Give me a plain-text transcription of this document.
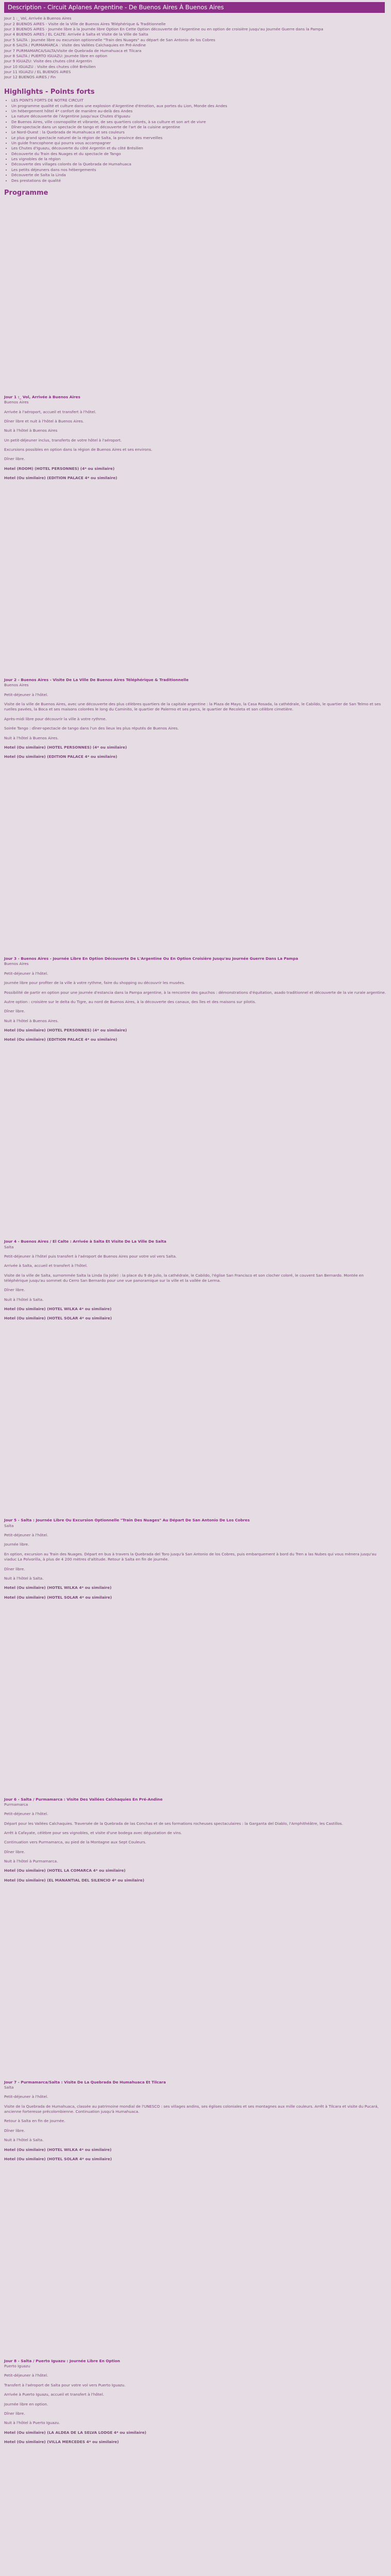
Description - Circuit Aplanes Argentine - De Buenos Aires À Buenos Aires
Jour 1 :_ Vol, Arrivée à Buenos Aires
Jour 2 BUENOS AIRES - Visite de la Ville de Buenos Aires Téléphérique & Traditionnelle
Jour 3 BUENOS AIRES - Journée libre à la Journée libre Option En Cette Option découverte de l'Argentine ou en option de croisière jusqu'au Journée Guerre dans la Pampa
Jour 4 BUENOS AIRES / EL CALTE: Arrivée à Salta et Visite de la Ville de Salta
Jour 5 SALTA : Journée libre ou excursion optionnelle "Train des Nuages" au départ de San Antonio de los Cobres
Jour 6 SALTA / PURMAMARCA : Visite des Vallées Calchaquies en Pré-Andine
Jour 7 PURMAMARCA/SALTA/Visite de Quebrada de Humahuaca et Tilcara
Jour 8 SALTA / PUERTO IGUAZU: Journée libre en option
Jour 9 IGUAZU: Visite des chutes côté Argentin
Jour 10 IGUAZU : Visite des chutes côté Brésilien
Jour 11 IGUAZU / EL BUENOS AIRES
Jour 12 BUENOS AIRES / Fin
Highlights - Points forts
• LES POINTS FORTS DE NOTRE CIRCUIT
• Un programme qualité et culture dans une explosion d'Argentine d'émotion, aux portes du Lion, Monde des Andes
• Un hébergement hôtel 4* confort de manière au-delà des Andes
• La nature découverte de l'Argentine jusqu'aux Chutes d'Iguazu
• De Buenos Aires, ville cosmopolite et vibrante, de ses quartiers colorés, à sa culture et son art de vivre
• Dîner-spectacle dans un spectacle de tango et découverte de l'art de la cuisine argentine
• Le Nord-Ouest : la Quebrada de Humahuaca et ses couleurs
• Le plus grand spectacle naturel de la région de Salta, la province des merveilles
• Un guide francophone qui pourra vous accompagner
• Les Chutes d'Iguazu, découverte du côté Argentin et du côté Brésilien
• Découverte du Train des Nuages et du spectacle de Tango
• Les vignobles de la région
• Découverte des villages colorés de la Quebrada de Humahuaca
• Les petits déjeuners dans nos hébergements
• Découverte de Salta la Linda
• Des prestations de qualité
Programme
Jour 1 :_ Vol, Arrivée à Buenos Aires

Buenos Aires

Arrivée à l'aéroport, accueil et transfert à l'hôtel.

Dîner libre et nuit à l'hôtel à Buenos Aires.

Nuit à l'hôtel à Buenos Aires

Un petit-déjeuner inclus, transferts de votre hôtel à l'aéroport.

Excursions possibles en option dans la région de Buenos Aires et ses environs.

Dîner libre.

Hotel (ROOM) (HOTEL PERSONNES) (4* ou similaire)

Hotel (Ou similaire) (EDITION PALACE 4* ou similaire)

Jour 2 - Buenos Aires - Visite De La Ville De Buenos Aires Téléphérique & Traditionnelle

Buenos Aires

Petit-déjeuner à l'hôtel.

Visite de la ville de Buenos Aires, avec une découverte des plus célèbres quartiers de la capitale argentine : la Plaza de Mayo, la Casa Rosada, la cathédrale, le Cabildo, le quartier de San Telmo et ses ruelles pavées, la Boca et ses maisons colorées le long du Caminito, le quartier de Palermo et ses parcs, le quartier de Recoleta et son célèbre cimetière.

Après-midi libre pour découvrir la ville à votre rythme.

Soirée Tango : dîner-spectacle de tango dans l'un des lieux les plus réputés de Buenos Aires.

Nuit à l'hôtel à Buenos Aires.

Hotel (Ou similaire) (HOTEL PERSONNES) (4* ou similaire)

Hotel (Ou similaire) (EDITION PALACE 4* ou similaire)

Jour 3 - Buenos Aires - Journée Libre En Option Découverte De L'Argentine Ou En Option Croisière Jusqu'au Journée Guerre Dans La Pampa

Buenos Aires

Petit-déjeuner à l'hôtel.

Journée libre pour profiter de la ville à votre rythme, faire du shopping ou découvrir les musées.

Possibilité de partir en option pour une journée d'estancia dans la Pampa argentine, à la rencontre des gauchos : démonstrations d'équitation, asado traditionnel et découverte de la vie rurale argentine.

Autre option : croisière sur le delta du Tigre, au nord de Buenos Aires, à la découverte des canaux, des îles et des maisons sur pilotis.

Dîner libre.

Nuit à l'hôtel à Buenos Aires.

Hotel (Ou similaire) (HOTEL PERSONNES) (4* ou similaire)

Hotel (Ou similaire) (EDITION PALACE 4* ou similaire)

Jour 4 - Buenos Aires / El Calte : Arrivée à Salta Et Visite De La Ville De Salta

Salta

Petit-déjeuner à l'hôtel puis transfert à l'aéroport de Buenos Aires pour votre vol vers Salta.

Arrivée à Salta, accueil et transfert à l'hôtel.

Visite de la ville de Salta, surnommée Salta la Linda (la Jolie) : la place du 9 de Julio, la cathédrale, le Cabildo, l'église San Francisco et son clocher coloré, le couvent San Bernardo. Montée en téléphérique jusqu'au sommet du Cerro San Bernardo pour une vue panoramique sur la ville et la vallée de Lerma.

Dîner libre.

Nuit à l'hôtel à Salta.

Hotel (Ou similaire) (HOTEL WILKA 4* ou similaire)

Hotel (Ou similaire) (HOTEL SOLAR 4* ou similaire)

Jour 5 - Salta : Journée Libre Ou Excursion Optionnelle "Train Des Nuages" Au Départ De San Antonio De Los Cobres

Salta

Petit-déjeuner à l'hôtel.

Journée libre.

En option, excursion au Train des Nuages. Départ en bus à travers la Quebrada del Toro jusqu'à San Antonio de los Cobres, puis embarquement à bord du Tren a las Nubes qui vous mènera jusqu'au viaduc La Polvorilla, à plus de 4 200 mètres d'altitude. Retour à Salta en fin de journée.

Dîner libre.

Nuit à l'hôtel à Salta.

Hotel (Ou similaire) (HOTEL WILKA 4* ou similaire)

Hotel (Ou similaire) (HOTEL SOLAR 4* ou similaire)

Jour 6 - Salta / Purmamarca : Visite Des Vallées Calchaquies En Pré-Andine

Purmamarca

Petit-déjeuner à l'hôtel.

Départ pour les Vallées Calchaquies. Traversée de la Quebrada de las Conchas et de ses formations rocheuses spectaculaires : la Garganta del Diablo, l'Amphithéâtre, les Castillos.

Arrêt à Cafayate, célèbre pour ses vignobles, et visite d'une bodega avec dégustation de vins.

Continuation vers Purmamarca, au pied de la Montagne aux Sept Couleurs.

Dîner libre.

Nuit à l'hôtel à Purmamarca.

Hotel (Ou similaire) (HOTEL LA COMARCA 4* ou similaire)

Hotel (Ou similaire) (EL MANANTIAL DEL SILENCIO 4* ou similaire)

Jour 7 - Purmamarca/Salta : Visite De La Quebrada De Humahuaca Et Tilcara

Salta

Petit-déjeuner à l'hôtel.

Visite de la Quebrada de Humahuaca, classée au patrimoine mondial de l'UNESCO : ses villages andins, ses églises coloniales et ses montagnes aux mille couleurs. Arrêt à Tilcara et visite du Pucará, ancienne forteresse précolombienne. Continuation jusqu'à Humahuaca.

Retour à Salta en fin de journée.

Dîner libre.

Nuit à l'hôtel à Salta.

Hotel (Ou similaire) (HOTEL WILKA 4* ou similaire)

Hotel (Ou similaire) (HOTEL SOLAR 4* ou similaire)

Jour 8 - Salta / Puerto Iguazu : Journée Libre En Option

Puerto Iguazu

Petit-déjeuner à l'hôtel.

Transfert à l'aéroport de Salta pour votre vol vers Puerto Iguazu.

Arrivée à Puerto Iguazu, accueil et transfert à l'hôtel.

Journée libre en option.

Dîner libre.

Nuit à l'hôtel à Puerto Iguazu.

Hotel (Ou similaire) (LA ALDEA DE LA SELVA LODGE 4* ou similaire)

Hotel (Ou similaire) (VILLA MERCEDES 4* ou similaire)
